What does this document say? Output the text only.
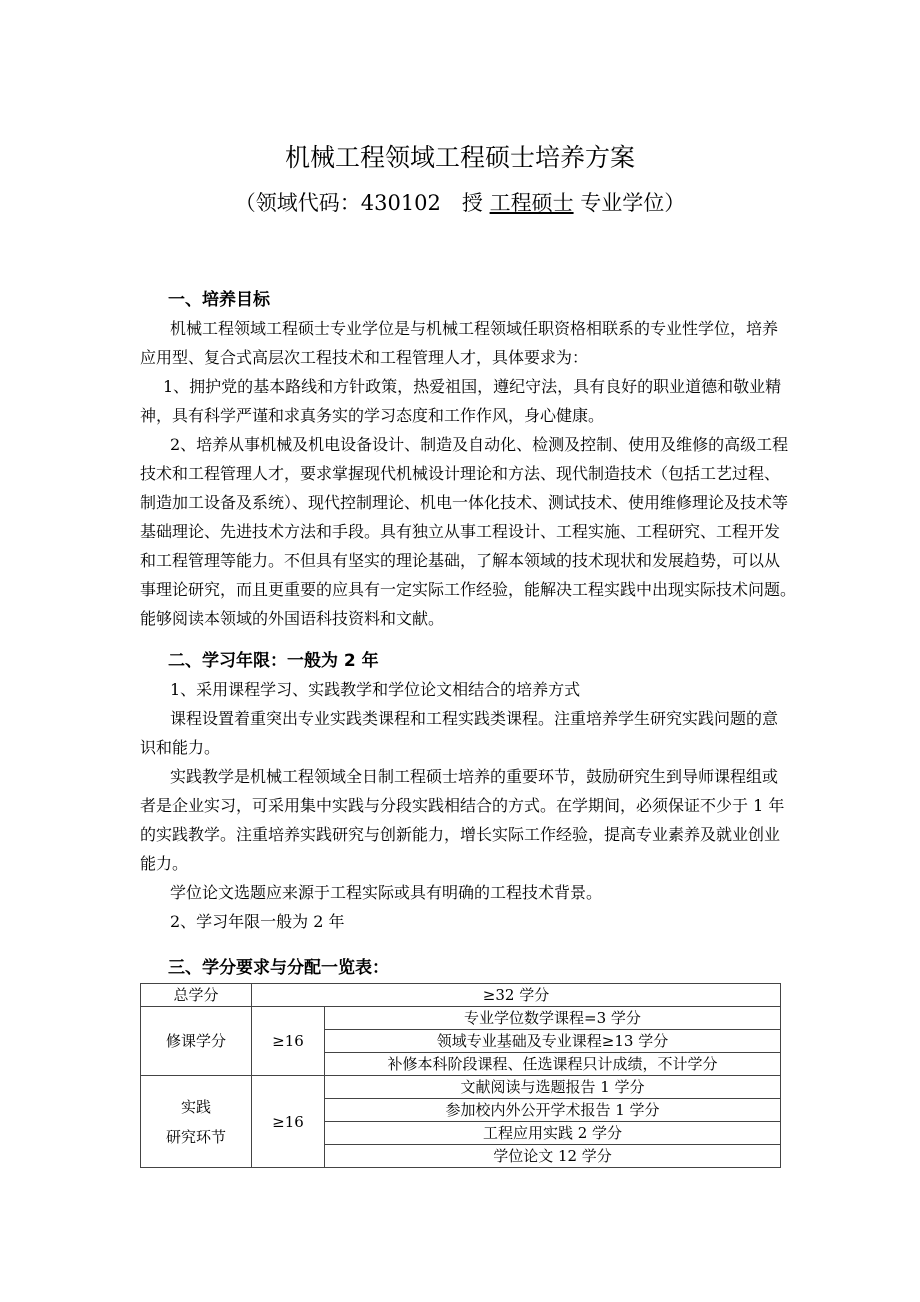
机械工程领域工程硕士培养方案
（领域代码：430102　授 工程硕士 专业学位）
一、培养目标
机械工程领域工程硕士专业学位是与机械工程领域任职资格相联系的专业性学位，培养
应用型、复合式高层次工程技术和工程管理人才，具体要求为：
1、拥护党的基本路线和方针政策，热爱祖国，遵纪守法，具有良好的职业道德和敬业精
神，具有科学严谨和求真务实的学习态度和工作作风，身心健康。
2、培养从事机械及机电设备设计、制造及自动化、检测及控制、使用及维修的高级工程
技术和工程管理人才，要求掌握现代机械设计理论和方法、现代制造技术（包括工艺过程、
制造加工设备及系统）、现代控制理论、机电一体化技术、测试技术、使用维修理论及技术等
基础理论、先进技术方法和手段。具有独立从事工程设计、工程实施、工程研究、工程开发
和工程管理等能力。不但具有坚实的理论基础，了解本领域的技术现状和发展趋势，可以从
事理论研究，而且更重要的应具有一定实际工作经验，能解决工程实践中出现实际技术问题。
能够阅读本领域的外国语科技资料和文献。
二、学习年限：一般为 2 年
1、采用课程学习、实践教学和学位论文相结合的培养方式
课程设置着重突出专业实践类课程和工程实践类课程。注重培养学生研究实践问题的意
识和能力。
实践教学是机械工程领域全日制工程硕士培养的重要环节，鼓励研究生到导师课程组或
者是企业实习，可采用集中实践与分段实践相结合的方式。在学期间，必须保证不少于 1 年
的实践教学。注重培养实践研究与创新能力，增长实际工作经验，提高专业素养及就业创业
能力。
学位论文选题应来源于工程实际或具有明确的工程技术背景。
2、学习年限一般为 2 年
三、学分要求与分配一览表：
总学分	≥32 学分	

修课学分	≥16	专业学位数学课程=3 学分
		领域专业基础及专业课程≥13 学分
		补修本科阶段课程、任选课程只计成绩，不计学分

实践
研究环节	≥16	文献阅读与选题报告 1 学分
		参加校内外公开学术报告 1 学分
		工程应用实践 2 学分
		学位论文 12 学分
